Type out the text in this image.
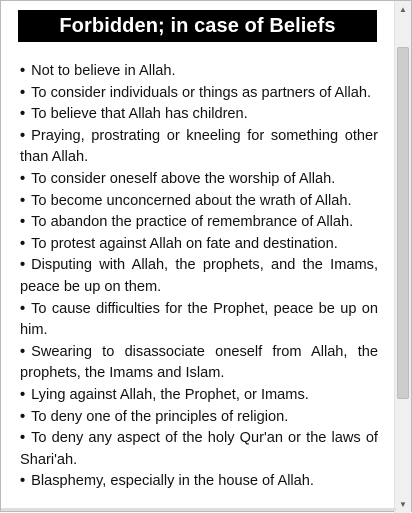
Forbidden; in case of Beliefs

• Not to believe in Allah.

• To consider individuals or things as partners of Allah.

• To believe that Allah has children.

• Praying, prostrating or kneeling for something other than Allah.

• To consider oneself above the worship of Allah.

• To become unconcerned about the wrath of Allah.

• To abandon the practice of remembrance of Allah.

• To protest against Allah on fate and destination.

• Disputing with Allah, the prophets, and the Imams, peace be up on them.

• To cause difficulties for the Prophet, peace be up on him.

• Swearing to disassociate oneself from Allah, the prophets, the Imams and Islam.

• Lying against Allah, the Prophet, or Imams.

• To deny one of the principles of religion.

• To deny any aspect of the holy Qur'an or the laws of Shari'ah.

• Blasphemy, especially in the house of Allah.

▲
▼
